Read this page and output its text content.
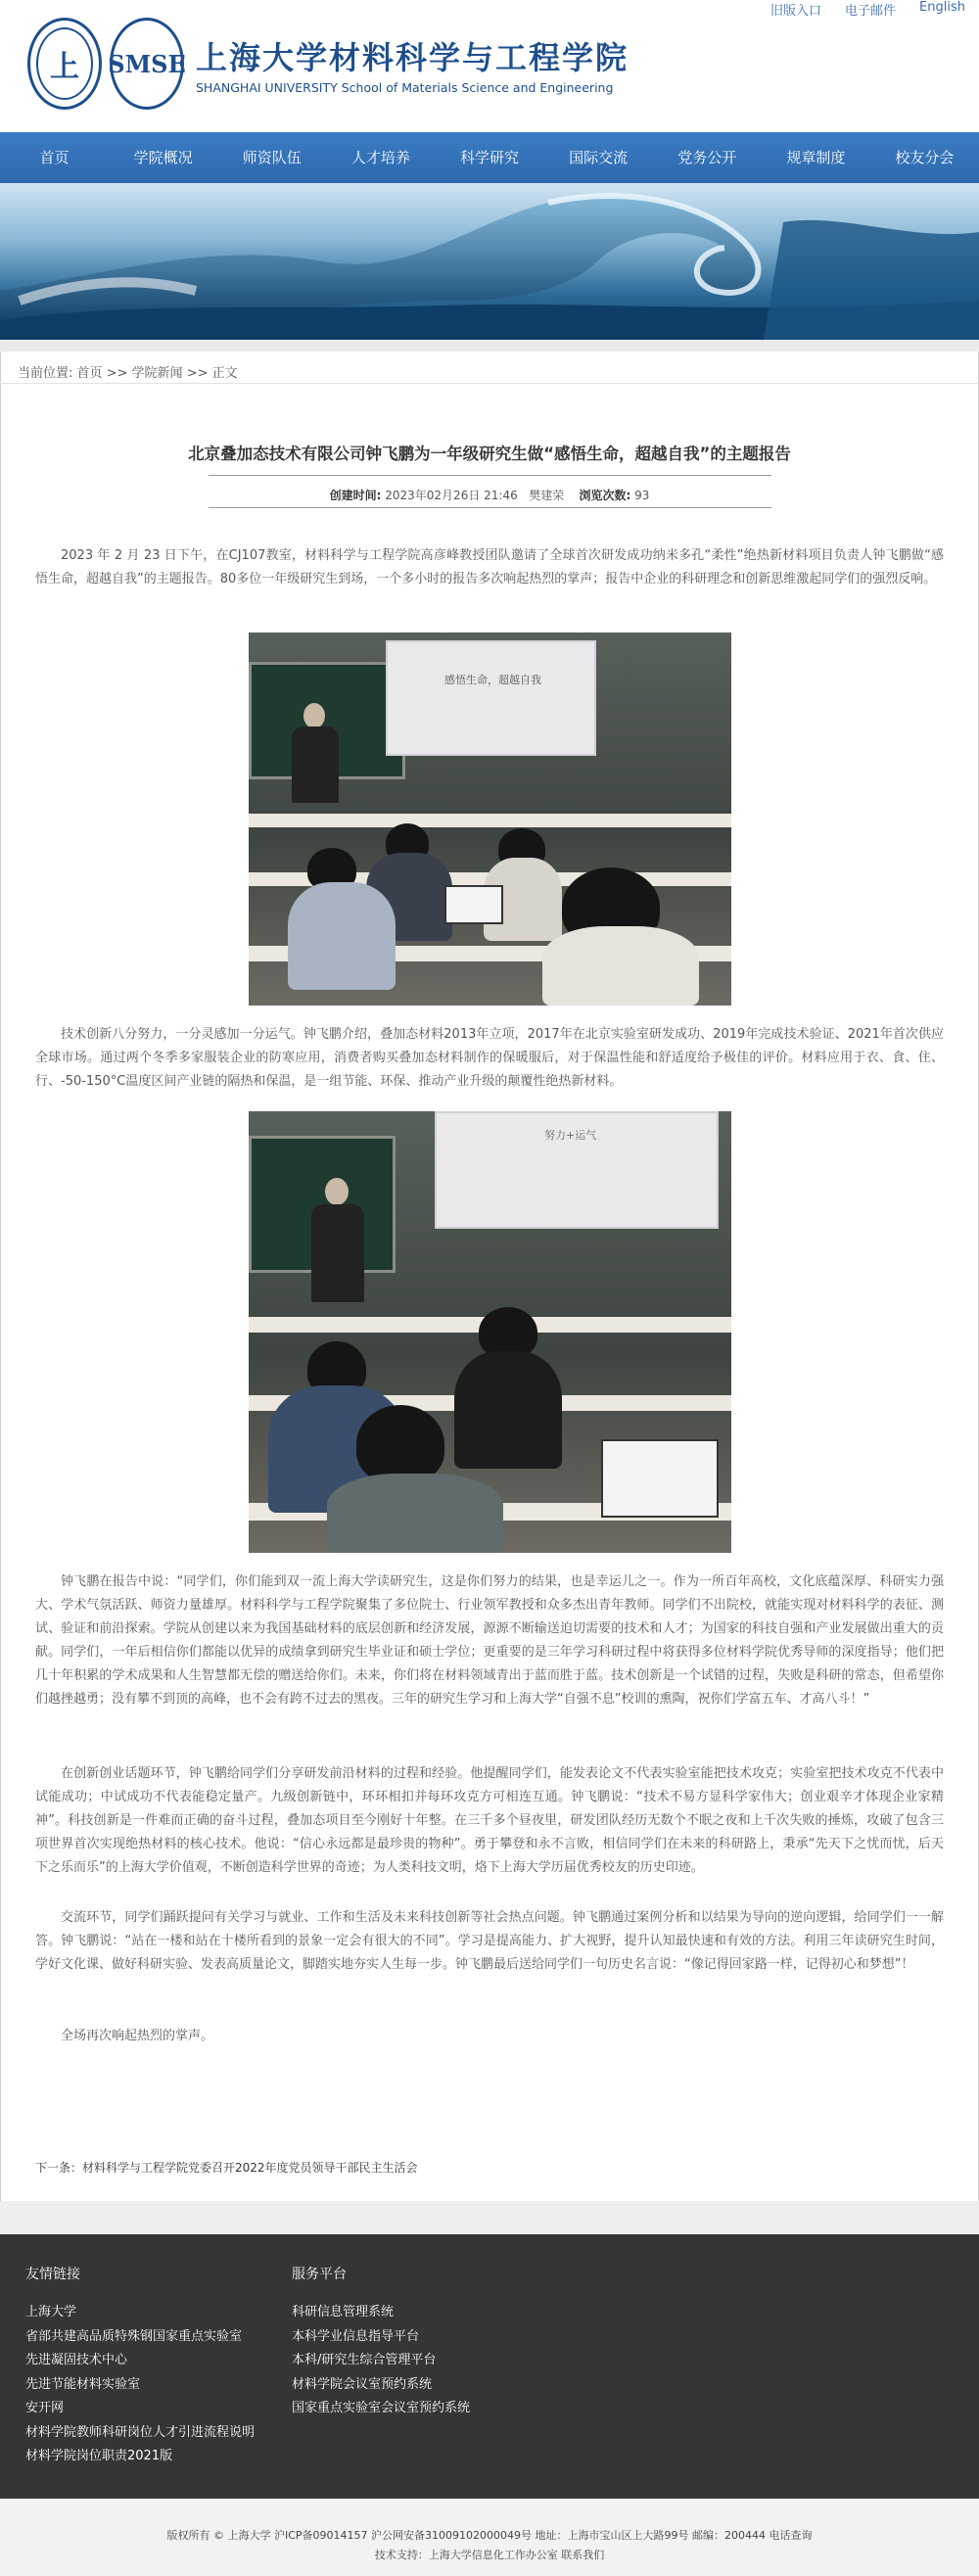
旧版入口 电子邮件 English
上 SMSE 上海大学材料科学与工程学院
SHANGHAI UNIVERSITY School of Materials Science and Engineering
首页	学院概况	师资队伍	人才培养	科学研究	国际交流	党务公开	规章制度	校友分会
当前位置: 首页 >> 学院新闻 >> 正文
北京叠加态技术有限公司钟飞鹏为一年级研究生做“感悟生命，超越自我”的主题报告
创建时间: 2023年02月26日 21:46 樊建荣 浏览次数: 93
2023 年 2 月 23 日下午，在CJ107教室，材料科学与工程学院高彦峰教授团队邀请了全球首次研发成功纳米多孔“柔性”绝热新材料项目负责人钟飞鹏做“感悟生命，超越自我”的主题报告。80多位一年级研究生到场，一个多小时的报告多次响起热烈的掌声；报告中企业的科研理念和创新思维激起同学们的强烈反响。
感悟生命，超越自我
技术创新八分努力，一分灵感加一分运气。钟飞鹏介绍，叠加态材料2013年立项，2017年在北京实验室研发成功、2019年完成技术验证、2021年首次供应全球市场。通过两个冬季多家服装企业的防寒应用，消费者购买叠加态材料制作的保暖服后，对于保温性能和舒适度给予极佳的评价。材料应用于衣、食、住、行、-50-150°C温度区间产业链的隔热和保温，是一组节能、环保、推动产业升级的颠覆性绝热新材料。
努力+运气
钟飞鹏在报告中说：“同学们，你们能到双一流上海大学读研究生，这是你们努力的结果，也是幸运儿之一。作为一所百年高校，文化底蕴深厚、科研实力强大、学术气氛活跃、师资力量雄厚。材料科学与工程学院聚集了多位院士、行业领军教授和众多杰出青年教师。同学们不出院校，就能实现对材料科学的表征、测试、验证和前沿探索。学院从创建以来为我国基础材料的底层创新和经济发展，源源不断输送迫切需要的技术和人才；为国家的科技自强和产业发展做出重大的贡献。同学们，一年后相信你们都能以优异的成绩拿到研究生毕业证和硕士学位；更重要的是三年学习科研过程中将获得多位材料学院优秀导师的深度指导；他们把几十年积累的学术成果和人生智慧都无偿的赠送给你们。未来，你们将在材料领域青出于蓝而胜于蓝。技术创新是一个试错的过程，失败是科研的常态，但希望你们越挫越勇；没有攀不到顶的高峰，也不会有跨不过去的黑夜。三年的研究生学习和上海大学“自强不息”校训的熏陶，祝你们学富五车、才高八斗！”
在创新创业话题环节，钟飞鹏给同学们分享研发前沿材料的过程和经验。他提醒同学们，能发表论文不代表实验室能把技术攻克；实验室把技术攻克不代表中试能成功；中试成功不代表能稳定量产。九级创新链中，环环相扣并每环攻克方可相连互通。钟飞鹏说：“技术不易方显科学家伟大；创业艰辛才体现企业家精神”。科技创新是一件难而正确的奋斗过程，叠加态项目至今刚好十年整。在三千多个昼夜里，研发团队经历无数个不眠之夜和上千次失败的捶炼，攻破了包含三项世界首次实现绝热材料的核心技术。他说：“信心永远都是最珍贵的物种”。勇于攀登和永不言败，相信同学们在未来的科研路上，秉承“先天下之忧而忧，后天下之乐而乐”的上海大学价值观，不断创造科学世界的奇迹；为人类科技文明，烙下上海大学历届优秀校友的历史印迹。
交流环节，同学们踊跃提问有关学习与就业、工作和生活及未来科技创新等社会热点问题。钟飞鹏通过案例分析和以结果为导向的逆向逻辑，给同学们一一解答。钟飞鹏说：“站在一楼和站在十楼所看到的景象一定会有很大的不同”。学习是提高能力、扩大视野，提升认知最快速和有效的方法。利用三年读研究生时间，学好文化课、做好科研实验、发表高质量论文，脚踏实地夯实人生每一步。钟飞鹏最后送给同学们一句历史名言说：“像记得回家路一样，记得初心和梦想”！
全场再次响起热烈的掌声。
下一条：材料科学与工程学院党委召开2022年度党员领导干部民主生活会
友情链接
上海大学
省部共建高品质特殊钢国家重点实验室
先进凝固技术中心
先进节能材料实验室
安开网
材料学院教师科研岗位人才引进流程说明
材料学院岗位职责2021版
服务平台
科研信息管理系统
本科学业信息指导平台
本科/研究生综合管理平台
材料学院会议室预约系统
国家重点实验室会议室预约系统
版权所有 © 上海大学 沪ICP备09014157 沪公网安备31009102000049号 地址：上海市宝山区上大路99号 邮编：200444 电话查询
技术支持：上海大学信息化工作办公室 联系我们
